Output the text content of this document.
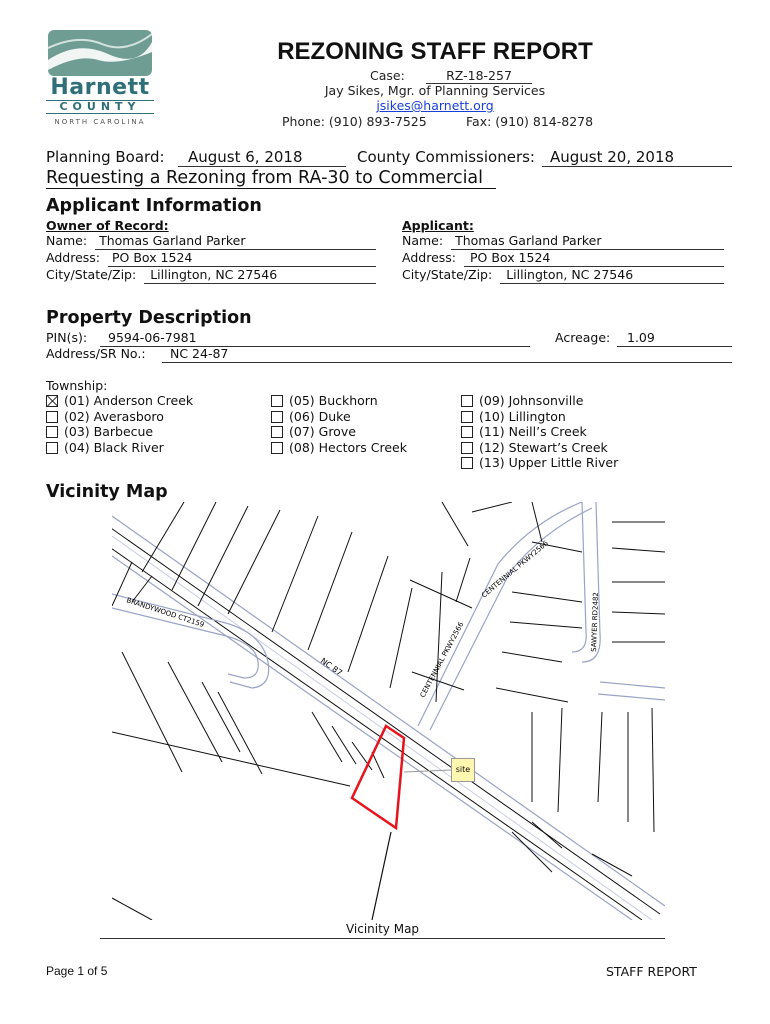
Harnett
COUNTY
NORTH CAROLINA
REZONING STAFF REPORT
Case:	RZ-18-257
Jay Sikes, Mgr. of Planning Services
jsikes@harnett.org
Phone: (910) 893-7525	Fax: (910) 814-8278
Planning Board:	August 6, 2018	County Commissioners:	August 20, 2018
Requesting a Rezoning from RA-30 to Commercial
Applicant Information
Owner of Record:
Name: Thomas Garland Parker
Address: PO Box 1524
City/State/Zip:	Lillington, NC 27546
Applicant:
Name: Thomas Garland Parker
Address:	PO Box 1524
City/State/Zip:	Lillington, NC 27546
Property Description
PIN(s):	9594-06-7981	Acreage:	1.09
Address/SR No.:	NC 24-87
Township:
(01) Anderson Creek
(02) Averasboro
(03) Barbecue
(04) Black River
(05) Buckhorn
(06) Duke
(07) Grove
(08) Hectors Creek
(09) Johnsonville
(10) Lillington
(11) Neill’s Creek
(12) Stewart’s Creek
(13) Upper Little River
Vicinity Map
NC 87
BRANDYWOOD CT2159
CENTENNIAL PKWY2566
CENTENNIAL PKWY2566
SAWYER RD2482
site
Vicinity Map
Page 1 of 5	STAFF REPORT
